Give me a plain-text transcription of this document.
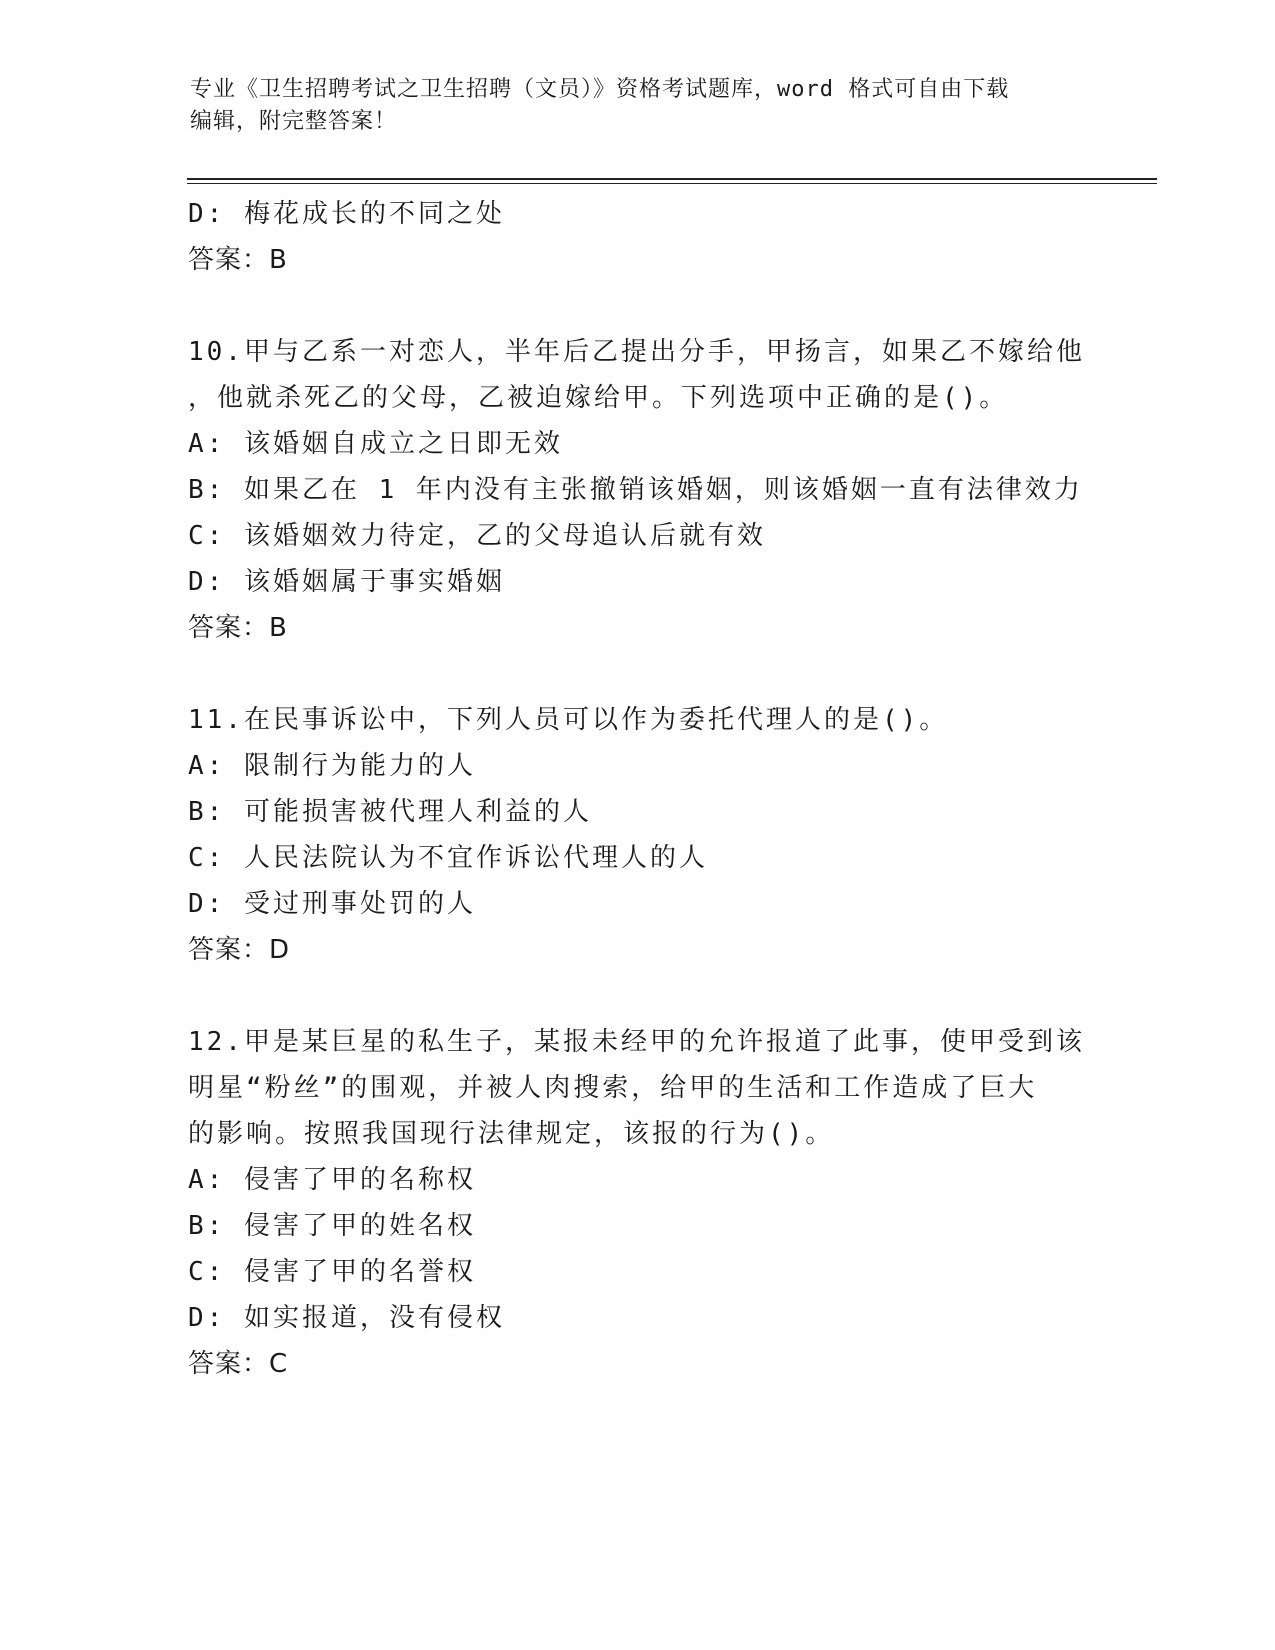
专业《卫生招聘考试之卫生招聘（文员）》资格考试题库，word 格式可自由下载
编辑，附完整答案！
D: 梅花成长的不同之处
答案：B
10.甲与乙系一对恋人，半年后乙提出分手，甲扬言，如果乙不嫁给他
，他就杀死乙的父母，乙被迫嫁给甲。下列选项中正确的是()。
A: 该婚姻自成立之日即无效
B: 如果乙在 1 年内没有主张撤销该婚姻，则该婚姻一直有法律效力
C: 该婚姻效力待定，乙的父母追认后就有效
D: 该婚姻属于事实婚姻
答案：B
11.在民事诉讼中，下列人员可以作为委托代理人的是()。
A: 限制行为能力的人
B: 可能损害被代理人利益的人
C: 人民法院认为不宜作诉讼代理人的人
D: 受过刑事处罚的人
答案：D
12.甲是某巨星的私生子，某报未经甲的允许报道了此事，使甲受到该
明星“粉丝”的围观，并被人肉搜索，给甲的生活和工作造成了巨大
的影响。按照我国现行法律规定，该报的行为()。
A: 侵害了甲的名称权
B: 侵害了甲的姓名权
C: 侵害了甲的名誉权
D: 如实报道，没有侵权
答案：C
